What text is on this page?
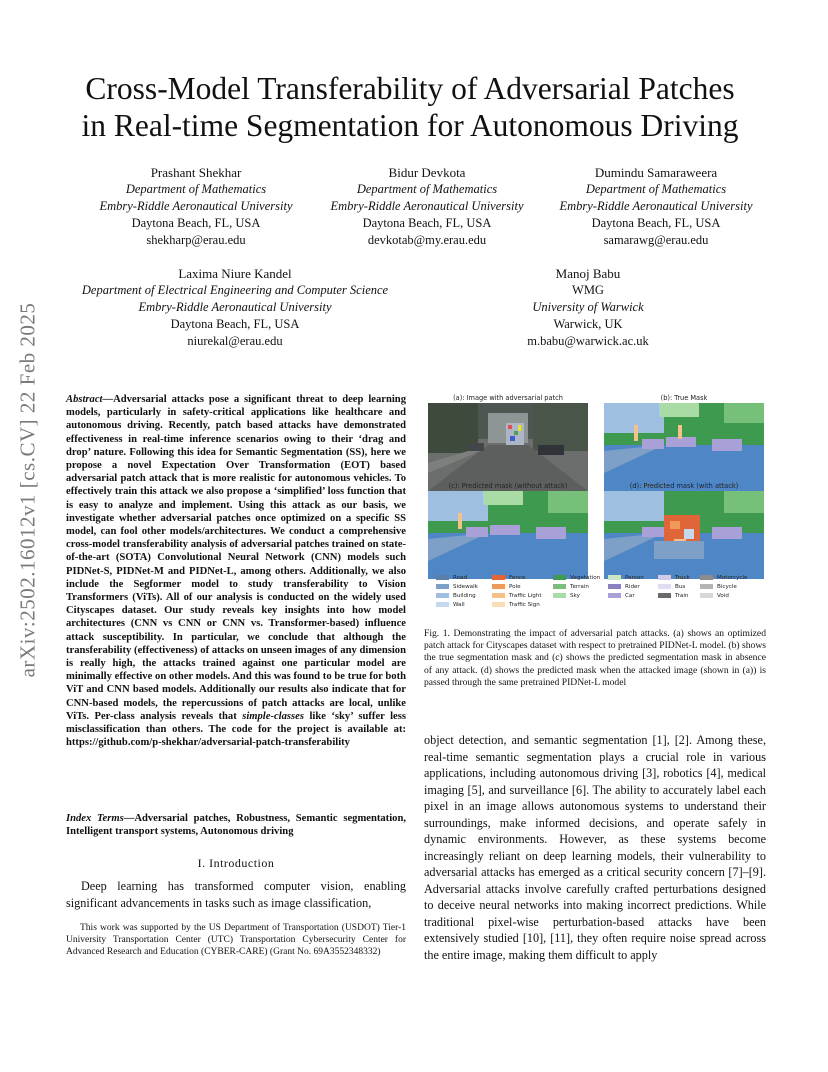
arXiv:2502.16012v1 [cs.CV] 22 Feb 2025
Cross-Model Transferability of Adversarial Patches
in Real-time Segmentation for Autonomous Driving
Prashant Shekhar
Department of Mathematics
Embry-Riddle Aeronautical University
Daytona Beach, FL, USA
shekharp@erau.edu
Bidur Devkota
Department of Mathematics
Embry-Riddle Aeronautical University
Daytona Beach, FL, USA
devkotab@my.erau.edu
Dumindu Samaraweera
Department of Mathematics
Embry-Riddle Aeronautical University
Daytona Beach, FL, USA
samarawg@erau.edu
Laxima Niure Kandel
Department of Electrical Engineering and Computer Science
Embry-Riddle Aeronautical University
Daytona Beach, FL, USA
niurekal@erau.edu
Manoj Babu
WMG
University of Warwick
Warwick, UK
m.babu@warwick.ac.uk
Abstract—Adversarial attacks pose a significant threat to deep learning models, particularly in safety-critical applications like healthcare and autonomous driving. Recently, patch based attacks have demonstrated effectiveness in real-time inference scenarios owing to their ‘drag and drop’ nature. Following this idea for Semantic Segmentation (SS), here we propose a novel Expectation Over Transformation (EOT) based adversarial patch attack that is more realistic for autonomous vehicles. To effectively train this attack we also propose a ‘simplified’ loss function that is easy to analyze and implement. Using this attack as our basis, we investigate whether adversarial patches once optimized on a specific SS model, can fool other models/architectures. We conduct a comprehensive cross-model transferability analysis of adversarial patches trained on state-of-the-art (SOTA) Convolutional Neural Network (CNN) models such PIDNet-S, PIDNet-M and PIDNet-L, among others. Additionally, we also include the Segformer model to study transferability to Vision Transformers (ViTs). All of our analysis is conducted on the widely used Cityscapes dataset. Our study reveals key insights into how model architectures (CNN vs CNN or CNN vs. Transformer-based) influence attack susceptibility. In particular, we conclude that although the transferability (effectiveness) of attacks on unseen images of any dimension is really high, the attacks trained against one particular model are minimally effective on other models. And this was found to be true for both ViT and CNN based models. Additionally our results also indicate that for CNN-based models, the repercussions of patch attacks are local, unlike ViTs. Per-class analysis reveals that simple-classes like ‘sky’ suffer less misclassification than others. The code for the project is available at: https://github.com/p-shekhar/adversarial-patch-transferability
Index Terms—Adversarial patches, Robustness, Semantic segmentation, Intelligent transport systems, Autonomous driving
I. Introduction
Deep learning has transformed computer vision, enabling significant advancements in tasks such as image classification,
This work was supported by the US Department of Transportation (USDOT) Tier-1 University Transportation Center (UTC) Transportation Cybersecurity Center for Advanced Research and Education (CYBER-CARE) (Grant No. 69A3552348332)
(a): Image with adversarial patch	(b): True Mask
(c): Predicted mask (without attack)	(d): Predicted mask (with attack)
Road
Sidewalk
Building
Wall
Fence
Pole
Traffic Light
Traffic Sign
Vegetation
Terrain
Sky
Person
Rider
Car
Truck
Bus
Train
Motorcycle
Bicycle
Void
Fig. 1. Demonstrating the impact of adversarial patch attacks. (a) shows an optimized patch attack for Cityscapes dataset with respect to pretrained PIDNet-L model. (b) shows the true segmentation mask and (c) shows the predicted segmentation mask in absence of any attack. (d) shows the predicted mask when the attacked image (shown in (a)) is passed through the same pretrained PIDNet-L model
object detection, and semantic segmentation [1], [2]. Among these, real-time semantic segmentation plays a crucial role in various applications, including autonomous driving [3], robotics [4], medical imaging [5], and surveillance [6]. The ability to accurately label each pixel in an image allows autonomous systems to understand their surroundings, make informed decisions, and operate safely in dynamic environments. However, as these systems become increasingly reliant on deep learning models, their vulnerability to adversarial attacks has emerged as a critical security concern [7]–[9]. Adversarial attacks involve carefully crafted perturbations designed to deceive neural networks into making incorrect predictions. While traditional pixel-wise perturbation-based attacks have been extensively studied [10], [11], they often require noise spread across the entire image, making them difficult to apply
